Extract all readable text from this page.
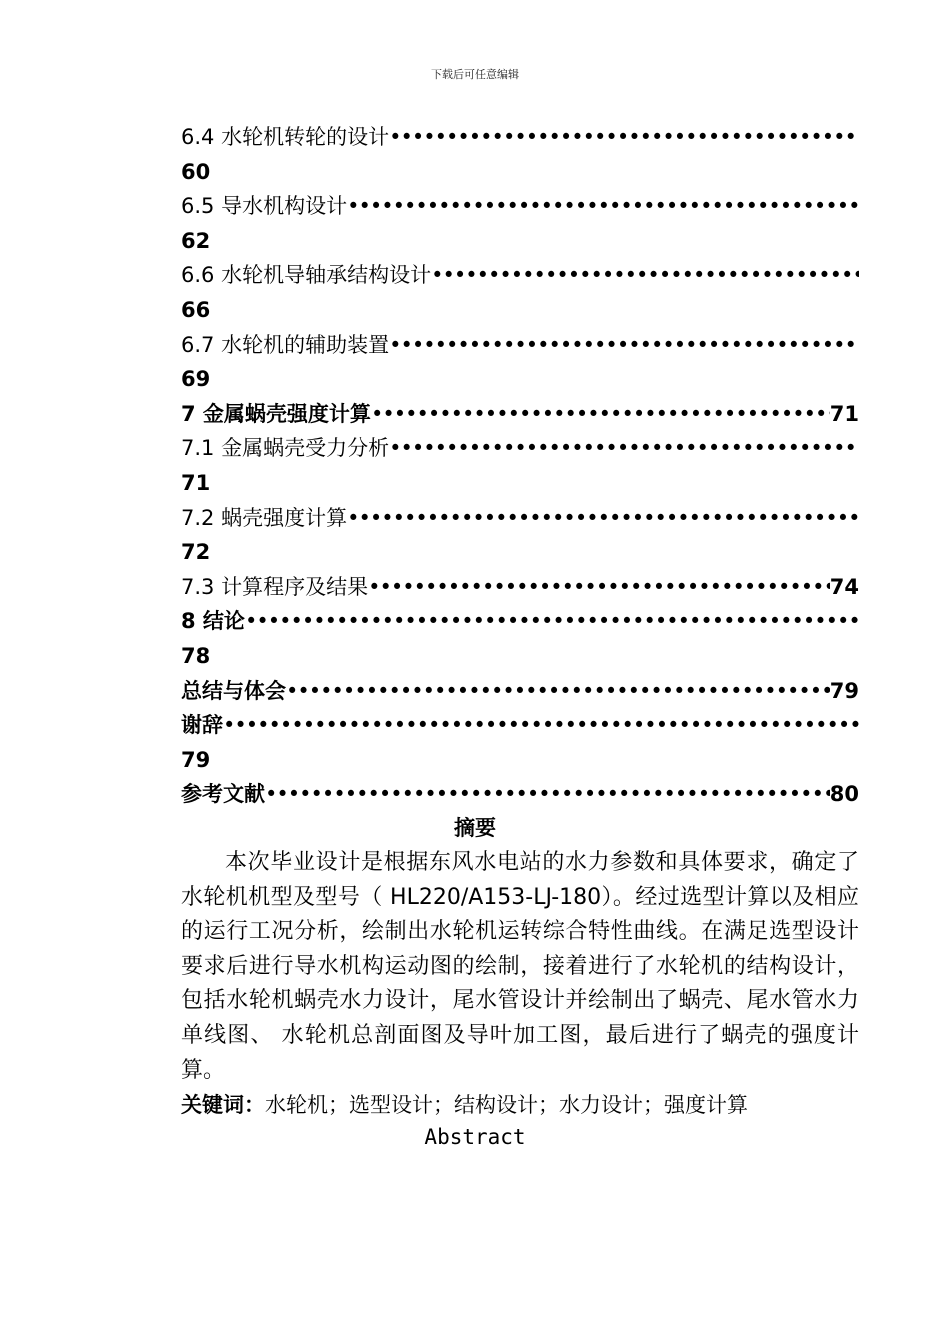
下载后可任意编辑
6.4 水轮机转轮的设计
•••••
60
6.5 导水机构设计
•••••
62
6.6 水轮机导轴承结构设计
•••••
66
6.7 水轮机的辅助装置
•••••
69
7 金属蜗壳强度计算 •••••	71
7.1 金属蜗壳受力分析
•••••
71
7.2 蜗壳强度计算
•••••
72
7.3 计算程序及结果 •••••	74
8 结论
•••••
78
总结与体会 •••••	79
谢辞
•••••
79
参考文献 •••••	80
摘要

本次毕业设计是根据东风水电站的水力参数和具体要求，确定了水轮机机型及型号（ HL220/A153-LJ-180）。经过选型计算以及相应的运行工况分析，绘制出水轮机运转综合特性曲线。在满足选型设计要求后进行导水机构运动图的绘制，接着进行了水轮机的结构设计，包括水轮机蜗壳水力设计，尾水管设计并绘制出了蜗壳、尾水管水力单线图、 水轮机总剖面图及导叶加工图，最后进行了蜗壳的强度计算。

关键词：水轮机；选型设计；结构设计；水力设计；强度计算

Abstract
